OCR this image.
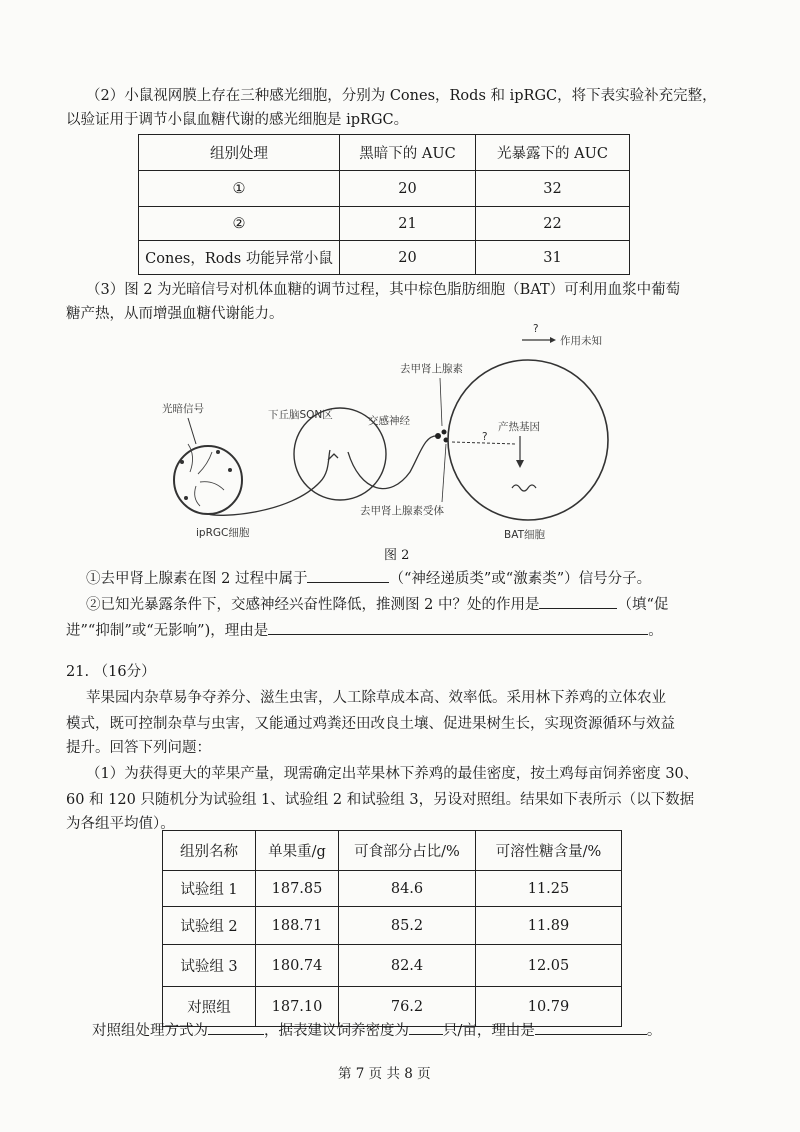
（2）小鼠视网膜上存在三种感光细胞，分别为 Cones，Rods 和 ipRGC，将下表实验补充完整，
以验证用于调节小鼠血糖代谢的感光细胞是 ipRGC。
组别处理	黑暗下的 AUC	光暴露下的 AUC
①	20	32
②	21	22
Cones，Rods 功能异常小鼠	20	31
（3）图 2 为光暗信号对机体血糖的调节过程，其中棕色脂肪细胞（BAT）可利用血浆中葡萄
糖产热，从而增强血糖代谢能力。
?
作用未知
光暗信号
ipRGC细胞
下丘脑SON区	交感神经
去甲肾上腺素
产热基因
?
去甲肾上腺素受体
BAT细胞
图 2
①去甲肾上腺素在图 2 过程中属于	（“神经递质类”或“激素类”）信号分子。
②已知光暴露条件下，交感神经兴奋性降低，推测图 2 中？处的作用是	（填“促
进”“抑制”或“无影响”)，理由是	。
21. （16分）
苹果园内杂草易争夺养分、滋生虫害，人工除草成本高、效率低。采用林下养鸡的立体农业
模式，既可控制杂草与虫害，又能通过鸡粪还田改良土壤、促进果树生长，实现资源循环与效益
提升。回答下列问题：
（1）为获得更大的苹果产量，现需确定出苹果林下养鸡的最佳密度，按土鸡每亩饲养密度 30、
60 和 120 只随机分为试验组 1、试验组 2 和试验组 3，另设对照组。结果如下表所示（以下数据
为各组平均值）。
组别名称	单果重/g	可食部分占比/%	可溶性糖含量/%
试验组 1	187.85	84.6	11.25
试验组 2	188.71	85.2	11.89
试验组 3	180.74	82.4	12.05
对照组	187.10	76.2	10.79
对照组处理方式为	，据表建议饲养密度为 只/亩，理由是	。
第 7 页 共 8 页
